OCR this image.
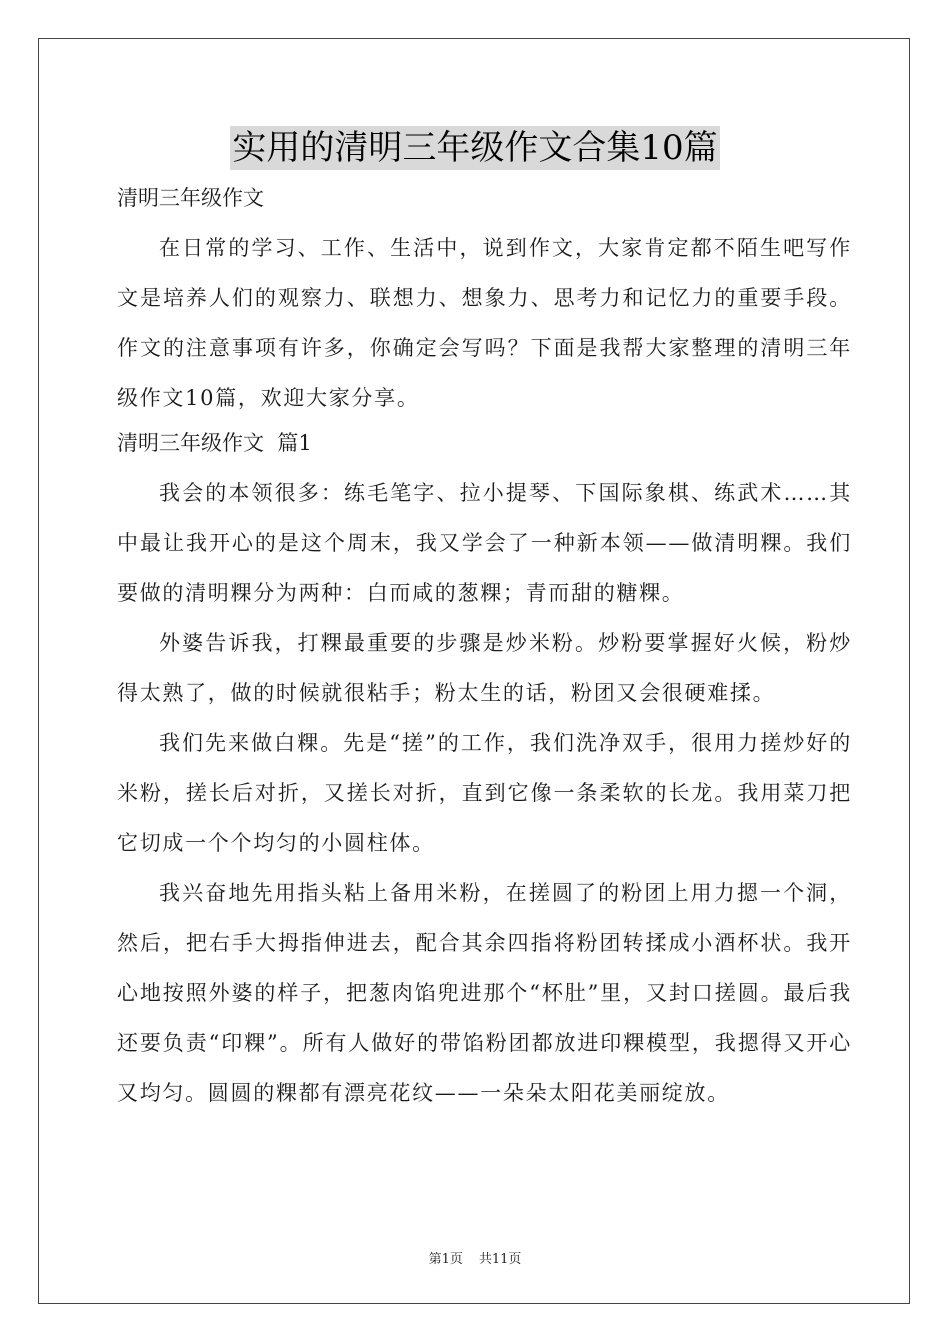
实用的清明三年级作文合集10篇
清明三年级作文

在日常的学习、工作、生活中，说到作文，大家肯定都不陌生吧写作文是培养人们的观察力、联想力、想象力、思考力和记忆力的重要手段。作文的注意事项有许多，你确定会写吗？下面是我帮大家整理的清明三年级作文10篇，欢迎大家分享。

清明三年级作文  篇1

我会的本领很多：练毛笔字、拉小提琴、下国际象棋、练武术……其中最让我开心的是这个周末，我又学会了一种新本领——做清明粿。我们要做的清明粿分为两种：白而咸的葱粿；青而甜的糖粿。

外婆告诉我，打粿最重要的步骤是炒米粉。炒粉要掌握好火候，粉炒得太熟了，做的时候就很粘手；粉太生的话，粉团又会很硬难揉。

我们先来做白粿。先是“搓”的工作，我们洗净双手，很用力搓炒好的米粉，搓长后对折，又搓长对折，直到它像一条柔软的长龙。我用菜刀把它切成一个个均匀的小圆柱体。

我兴奋地先用指头粘上备用米粉，在搓圆了的粉团上用力摁一个洞，然后，把右手大拇指伸进去，配合其余四指将粉团转揉成小酒杯状。我开心地按照外婆的样子，把葱肉馅兜进那个“杯肚”里，又封口搓圆。最后我还要负责“印粿”。所有人做好的带馅粉团都放进印粿模型，我摁得又开心又均匀。圆圆的粿都有漂亮花纹——一朵朵太阳花美丽绽放。

第1页 共11页
